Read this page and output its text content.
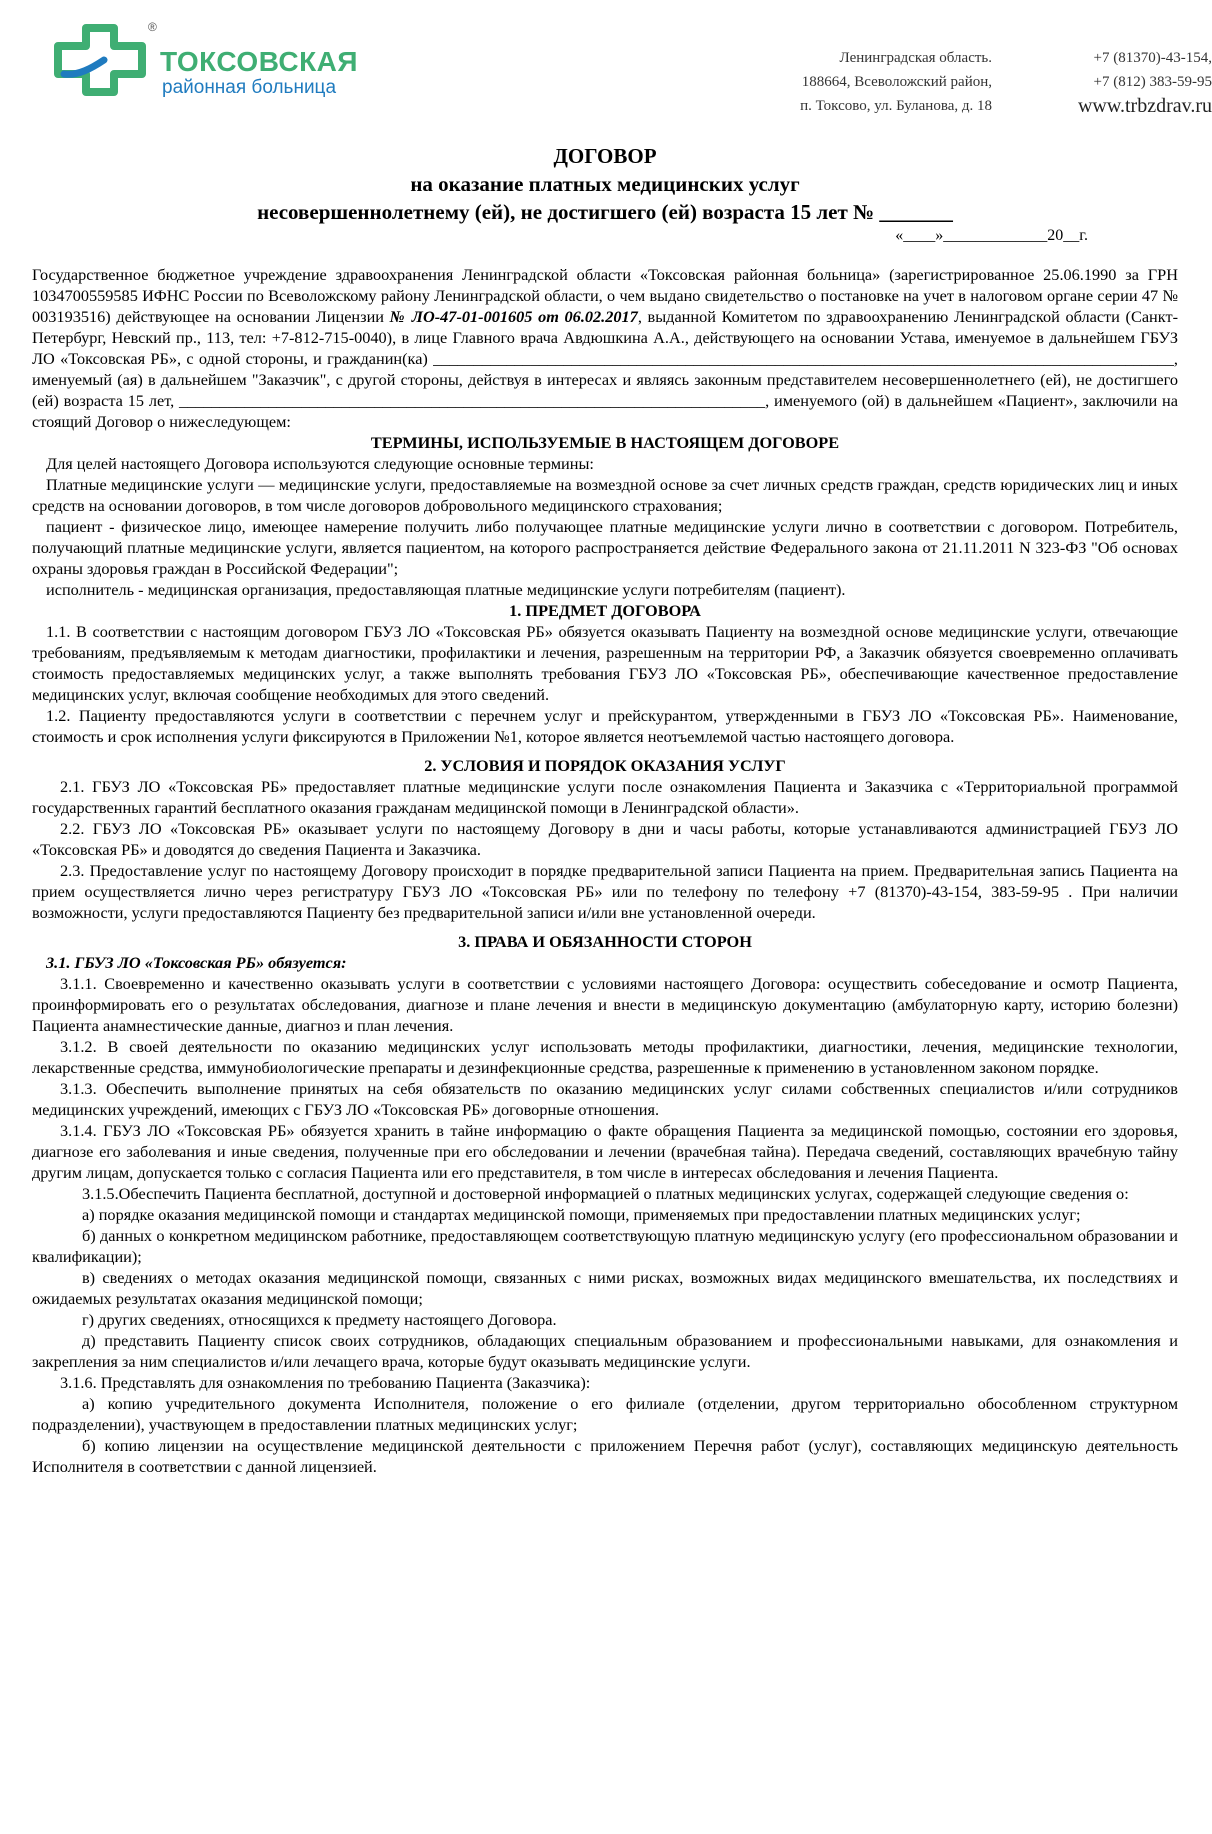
®
ТОКСОВСКАЯ
районная больница
Ленинградская область.
188664, Всеволожский район,
п. Токсово, ул. Буланова, д. 18
+7 (81370)-43-154,
+7 (812) 383-59-95
www.trbzdrav.ru
ДОГОВОР
на оказание платных медицинских услуг
несовершеннолетнему (ей), не достигшего (ей) возраста 15 лет № _______
«____»_____________20__г.

Государственное бюджетное учреждение здравоохранения Ленинградской области «Токсовская районная больница» (зарегистрированное 25.06.1990 за ГРН 1034700559585 ИФНС России по Всеволожскому району Ленинградской области, о чем выдано свидетельство о постановке на учет в налоговом органе серии 47 № 003193516) действующее на основании Лицензии № ЛО-47-01-001605 от 06.02.2017, выданной Комитетом по здравоохранению Ленинградской области (Санкт-Петербург, Невский пр., 113, тел: +7-812-715-0040), в лице Главного врача Авдюшкина А.А., действующего на основании Устава, именуемое в дальнейшем ГБУЗ ЛО «Токсовская РБ», с одной стороны, и гражданин(ка) ___________________________________________________________________________________________, именуемый (ая) в дальнейшем "Заказчик", с другой стороны, действуя в интересах и являясь законным представителем несовершеннолетнего (ей), не достигшего (ей) возраста 15 лет, ________________________________________________________________________, именуемого (ой) в дальнейшем «Пациент», заключили на стоящий Договор о нижеследующем:

ТЕРМИНЫ, ИСПОЛЬЗУЕМЫЕ В НАСТОЯЩЕМ ДОГОВОРЕ

Для целей настоящего Договора используются следующие основные термины:

Платные медицинские услуги — медицинские услуги, предоставляемые на возмездной основе за счет личных средств граждан, средств юридических лиц и иных средств на основании договоров, в том числе договоров добровольного медицинского страхования;

пациент - физическое лицо, имеющее намерение получить либо получающее платные медицинские услуги лично в соответствии с договором. Потребитель, получающий платные медицинские услуги, является пациентом, на которого распространяется действие Федерального закона от 21.11.2011 N 323-ФЗ "Об основах охраны здоровья граждан в Российской Федерации";

исполнитель - медицинская организация, предоставляющая платные медицинские услуги потребителям (пациент).

1. ПРЕДМЕТ ДОГОВОРА

1.1. В соответствии с настоящим договором ГБУЗ ЛО «Токсовская РБ» обязуется оказывать Пациенту на возмездной основе медицинские услуги, отвечающие требованиям, предъявляемым к методам диагностики, профилактики и лечения, разрешенным на территории РФ, а Заказчик обязуется своевременно оплачивать стоимость предоставляемых медицинских услуг, а также выполнять требования ГБУЗ ЛО «Токсовская РБ», обеспечивающие качественное предоставление медицинских услуг, включая сообщение необходимых для этого сведений.

1.2. Пациенту предоставляются услуги в соответствии с перечнем услуг и прейскурантом, утвержденными в ГБУЗ ЛО «Токсовская РБ». Наименование, стоимость и срок исполнения услуги фиксируются в Приложении №1, которое является неотъемлемой частью настоящего договора.

2. УСЛОВИЯ И ПОРЯДОК ОКАЗАНИЯ УСЛУГ

2.1. ГБУЗ ЛО «Токсовская РБ» предоставляет платные медицинские услуги после ознакомления Пациента и Заказчика с «Территориальной программой государственных гарантий бесплатного оказания гражданам медицинской помощи в Ленинградской области».

2.2. ГБУЗ ЛО «Токсовская РБ» оказывает услуги по настоящему Договору в дни и часы работы, которые устанавливаются администрацией ГБУЗ ЛО «Токсовская РБ» и доводятся до сведения Пациента и Заказчика.

2.3. Предоставление услуг по настоящему Договору происходит в порядке предварительной записи Пациента на прием. Предварительная запись Пациента на прием осуществляется лично через регистратуру ГБУЗ ЛО «Токсовская РБ» или по телефону по телефону +7 (81370)-43-154, 383-59-95 . При наличии возможности, услуги предоставляются Пациенту без предварительной записи и/или вне установленной очереди.

3. ПРАВА И ОБЯЗАННОСТИ СТОРОН

3.1. ГБУЗ ЛО «Токсовская РБ» обязуется:

3.1.1. Своевременно и качественно оказывать услуги в соответствии с условиями настоящего Договора: осуществить собеседование и осмотр Пациента, проинформировать его о результатах обследования, диагнозе и плане лечения и внести в медицинскую документацию (амбулаторную карту, историю болезни) Пациента анамнестические данные, диагноз и план лечения.

3.1.2. В своей деятельности по оказанию медицинских услуг использовать методы профилактики, диагностики, лечения, медицинские технологии, лекарственные средства, иммунобиологические препараты и дезинфекционные средства, разрешенные к применению в установленном законом порядке.

3.1.3. Обеспечить выполнение принятых на себя обязательств по оказанию медицинских услуг силами собственных специалистов и/или сотрудников медицинских учреждений, имеющих с ГБУЗ ЛО «Токсовская РБ» договорные отношения.

3.1.4. ГБУЗ ЛО «Токсовская РБ» обязуется хранить в тайне информацию о факте обращения Пациента за медицинской помощью, состоянии его здоровья, диагнозе его заболевания и иные сведения, полученные при его обследовании и лечении (врачебная тайна). Передача сведений, составляющих врачебную тайну другим лицам, допускается только с согласия Пациента или его представителя, в том числе в интересах обследования и лечения Пациента.

3.1.5.Обеспечить Пациента бесплатной, доступной и достоверной информацией о платных медицинских услугах, содержащей следующие сведения о:

а) порядке оказания медицинской помощи и стандартах медицинской помощи, применяемых при предоставлении платных медицинских услуг;

б) данных о конкретном медицинском работнике, предоставляющем соответствующую платную медицинскую услугу (его профессиональном образовании и квалификации);

в) сведениях о методах оказания медицинской помощи, связанных с ними рисках, возможных видах медицинского вмешательства, их последствиях и ожидаемых результатах оказания медицинской помощи;

г) других сведениях, относящихся к предмету настоящего Договора.

д) представить Пациенту список своих сотрудников, обладающих специальным образованием и профессиональными навыками, для ознакомления и закрепления за ним специалистов и/или лечащего врача, которые будут оказывать медицинские услуги.

3.1.6. Представлять для ознакомления по требованию Пациента (Заказчика):

а) копию учредительного документа Исполнителя, положение о его филиале (отделении, другом территориально обособленном структурном подразделении), участвующем в предоставлении платных медицинских услуг;

б) копию лицензии на осуществление медицинской деятельности с приложением Перечня работ (услуг), составляющих медицинскую деятельность Исполнителя в соответствии с данной лицензией.
